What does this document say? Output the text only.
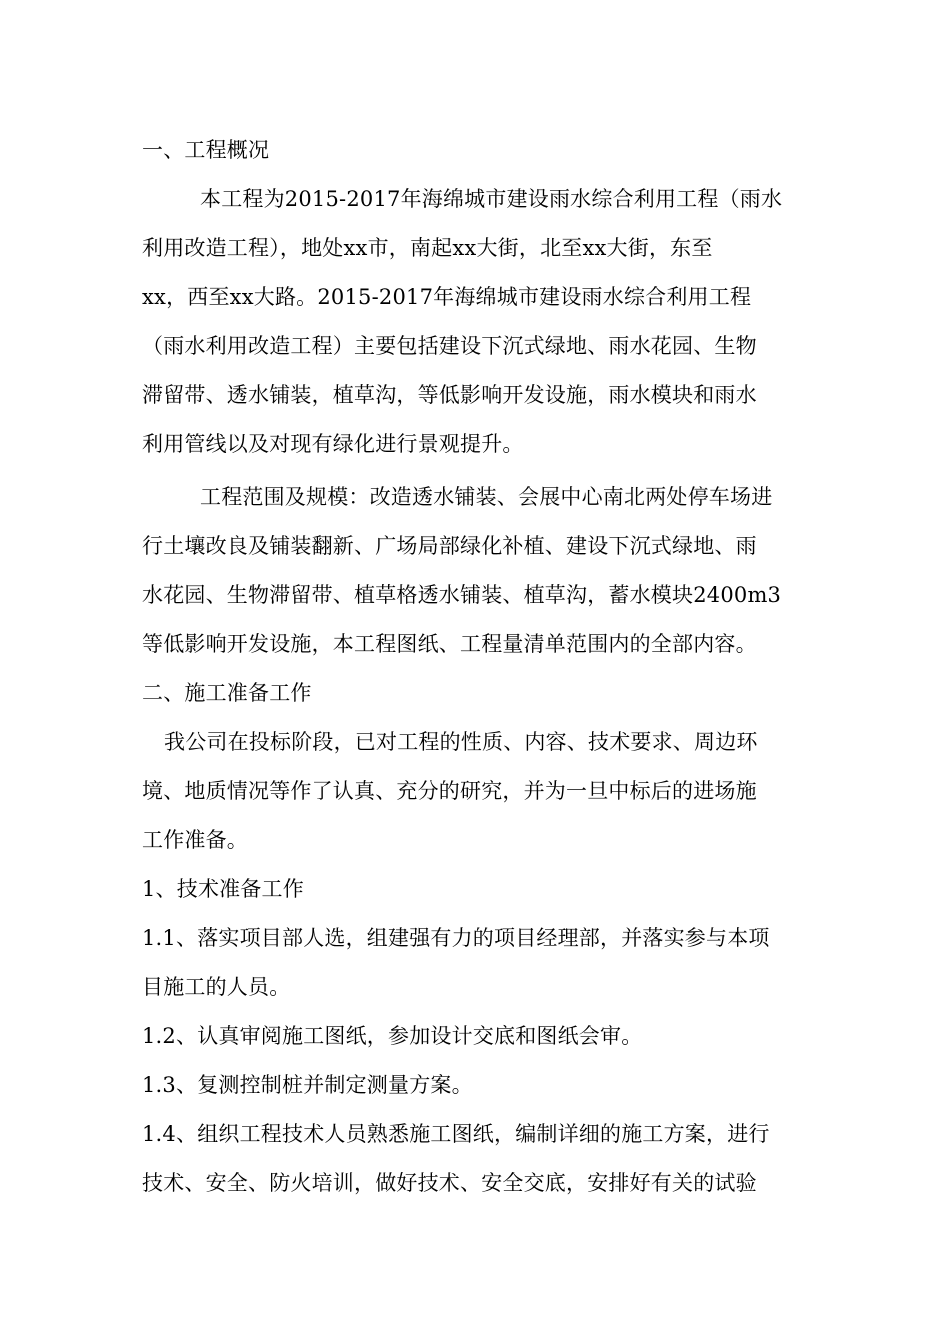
一、工程概况
本工程为2015-2017年海绵城市建设雨水综合利用工程（雨水
利用改造工程），地处xx市，南起xx大街，北至xx大街，东至
xx，西至xx大路。2015-2017年海绵城市建设雨水综合利用工程
（雨水利用改造工程）主要包括建设下沉式绿地、雨水花园、生物
滞留带、透水铺装，植草沟，等低影响开发设施，雨水模块和雨水
利用管线以及对现有绿化进行景观提升。
工程范围及规模：改造透水铺装、会展中心南北两处停车场进
行土壤改良及铺装翻新、广场局部绿化补植、建设下沉式绿地、雨
水花园、生物滞留带、植草格透水铺装、植草沟，蓄水模块2400m3
等低影响开发设施，本工程图纸、工程量清单范围内的全部内容。
二、施工准备工作
我公司在投标阶段，已对工程的性质、内容、技术要求、周边环
境、地质情况等作了认真、充分的研究，并为一旦中标后的进场施
工作准备。
1、技术准备工作
1.1、落实项目部人选，组建强有力的项目经理部，并落实参与本项
目施工的人员。
1.2、认真审阅施工图纸，参加设计交底和图纸会审。
1.3、复测控制桩并制定测量方案。
1.4、组织工程技术人员熟悉施工图纸，编制详细的施工方案，进行
技术、安全、防火培训，做好技术、安全交底，安排好有关的试验
